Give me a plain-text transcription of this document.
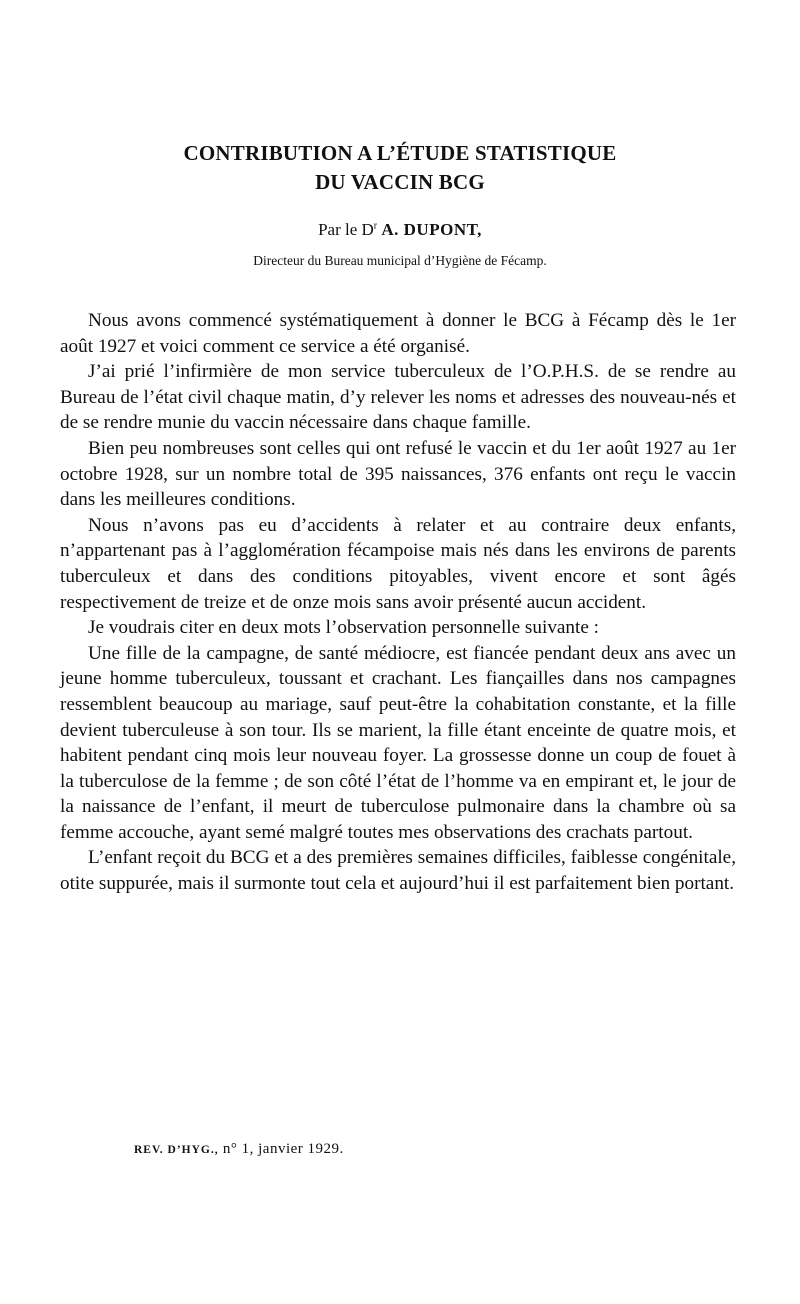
CONTRIBUTION A L’ÉTUDE STATISTIQUE
DU VACCIN BCG
Par le $D^r$ A. DUPONT,
Directeur du Bureau municipal d’Hygiène de Fécamp.

Nous avons commencé systématiquement à donner le BCG à Fécamp dès le 1er août 1927 et voici comment ce service a été organisé.

J’ai prié l’infirmière de mon service tuberculeux de l’O.P.H.S. de se rendre au Bureau de l’état civil chaque matin, d’y relever les noms et adresses des nouveau-nés et de se rendre munie du vaccin nécessaire dans chaque famille.

Bien peu nombreuses sont celles qui ont refusé le vaccin et du 1er août 1927 au 1er octobre 1928, sur un nombre total de 395 naissances, 376 enfants ont reçu le vaccin dans les meilleures conditions.

Nous n’avons pas eu d’accidents à relater et au contraire deux enfants, n’appartenant pas à l’agglomération fécampoise mais nés dans les environs de parents tuberculeux et dans des conditions pitoyables, vivent encore et sont âgés respectivement de treize et de onze mois sans avoir présenté aucun accident.

Je voudrais citer en deux mots l’observation personnelle suivante :

Une fille de la campagne, de santé médiocre, est fiancée pendant deux ans avec un jeune homme tuberculeux, toussant et crachant. Les fiançailles dans nos campagnes ressemblent beaucoup au mariage, sauf peut-être la cohabitation constante, et la fille devient tuberculeuse à son tour. Ils se marient, la fille étant enceinte de quatre mois, et habitent pendant cinq mois leur nouveau foyer. La grossesse donne un coup de fouet à la tuberculose de la femme ; de son côté l’état de l’homme va en empirant et, le jour de la naissance de l’enfant, il meurt de tuberculose pulmonaire dans la chambre où sa femme accouche, ayant semé malgré toutes mes observations des crachats partout.

L’enfant reçoit du BCG et a des premières semaines difficiles, faiblesse congénitale, otite suppurée, mais il surmonte tout cela et aujourd’hui il est parfaitement bien portant.

REV. D’HYG., n° 1, janvier 1929.
